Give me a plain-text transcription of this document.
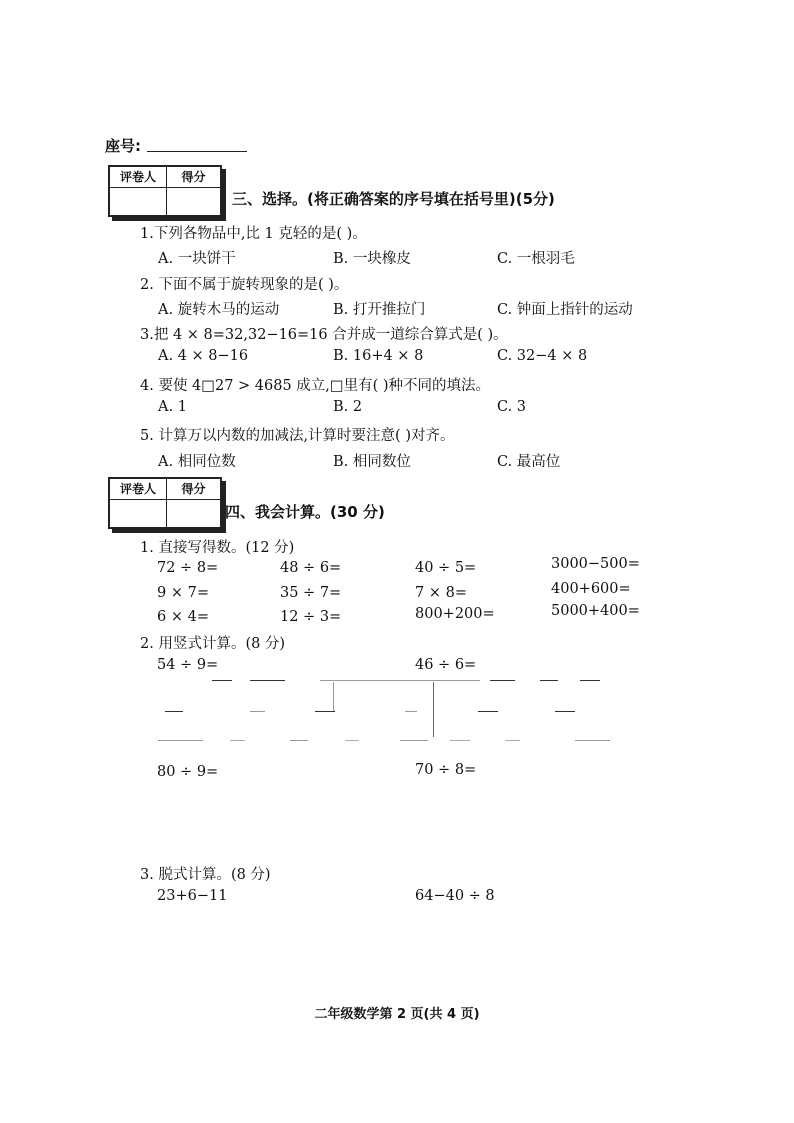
座号:
评卷人	得分
三、选择。(将正确答案的序号填在括号里)(5分)
1.下列各物品中,比 1 克轻的是( )。
A. 一块饼干	B. 一块橡皮	C. 一根羽毛
2. 下面不属于旋转现象的是( )。
A. 旋转木马的运动	B. 打开推拉门	C. 钟面上指针的运动
3.把 4 × 8=32,32−16=16 合并成一道综合算式是( )。
A. 4 × 8−16	B. 16+4 × 8	C. 32−4 × 8
4. 要使 4□27 > 4685 成立,□里有( )种不同的填法。
A. 1	B. 2	C. 3
5. 计算万以内数的加减法,计算时要注意( )对齐。
A. 相同位数	B. 相同数位	C. 最高位
评卷人	得分
四、我会计算。(30 分)
1. 直接写得数。(12 分)
72 ÷ 8=	48 ÷ 6=	40 ÷ 5=	3000−500=
9 × 7=	35 ÷ 7=	7 × 8=	400+600=
6 × 4=	12 ÷ 3=	800+200=	5000+400=
2. 用竖式计算。(8 分)
54 ÷ 9=	46 ÷ 6=
80 ÷ 9=	70 ÷ 8=
3. 脱式计算。(8 分)
23+6−11	64−40 ÷ 8
二年级数学第 2 页(共 4 页)
